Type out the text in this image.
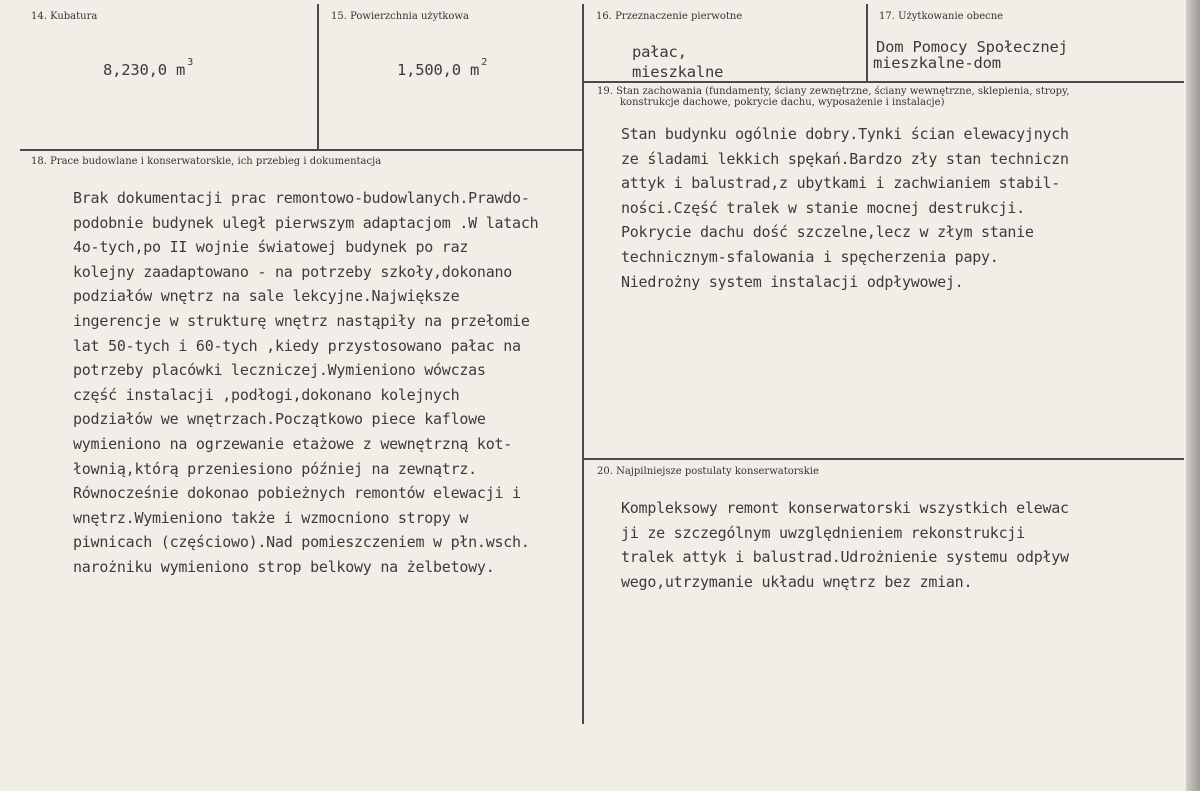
14. Kubatura
8,230,0 m $^3$
15. Powierzchnia użytkowa
1,500,0 m $^2$
16. Przeznaczenie pierwotne
pałac,
mieszkalne
17. Użytkowanie obecne
Dom Pomocy Społecznej
mieszkalne-dom
19. Stan zachowania (fundamenty, ściany zewnętrzne, ściany wewnętrzne, sklepienia, stropy,
konstrukcje dachowe, pokrycie dachu, wyposażenie i instalacje)
Stan budynku ogólnie dobry.Tynki ścian elewacyjnych
ze śladami lekkich spękań.Bardzo zły stan techniczn
attyk i balustrad,z ubytkami i zachwianiem stabil-
ności.Część tralek w stanie mocnej destrukcji.
Pokrycie dachu dość szczelne,lecz w złym stanie
technicznym-sfalowania i spęcherzenia papy.
Niedrożny system instalacji odpływowej.
18. Prace budowlane i konserwatorskie, ich przebieg i dokumentacja
Brak dokumentacji prac remontowo-budowlanych.Prawdo-
podobnie budynek uległ pierwszym adaptacjom .W latach
4o-tych,po II wojnie światowej budynek po raz
kolejny zaadaptowano - na potrzeby szkoły,dokonano
podziałów wnętrz na sale lekcyjne.Największe
ingerencje w strukturę wnętrz nastąpiły na przełomie
lat 50-tych i 60-tych ,kiedy przystosowano pałac na
potrzeby placówki leczniczej.Wymieniono wówczas
część instalacji ,podłogi,dokonano kolejnych
podziałów we wnętrzach.Początkowo piece kaflowe
wymieniono na ogrzewanie etażowe z wewnętrzną kot-
łownią,którą przeniesiono później na zewnątrz.
Równocześnie dokonao pobieżnych remontów elewacji i
wnętrz.Wymieniono także i wzmocniono stropy w
piwnicach (częściowo).Nad pomieszczeniem w płn.wsch.
narożniku wymieniono strop belkowy na żelbetowy.
20. Najpilniejsze postulaty konserwatorskie
Kompleksowy remont konserwatorski wszystkich elewac
ji ze szczególnym uwzględnieniem rekonstrukcji
tralek attyk i balustrad.Udrożnienie systemu odpływ
wego,utrzymanie układu wnętrz bez zmian.
